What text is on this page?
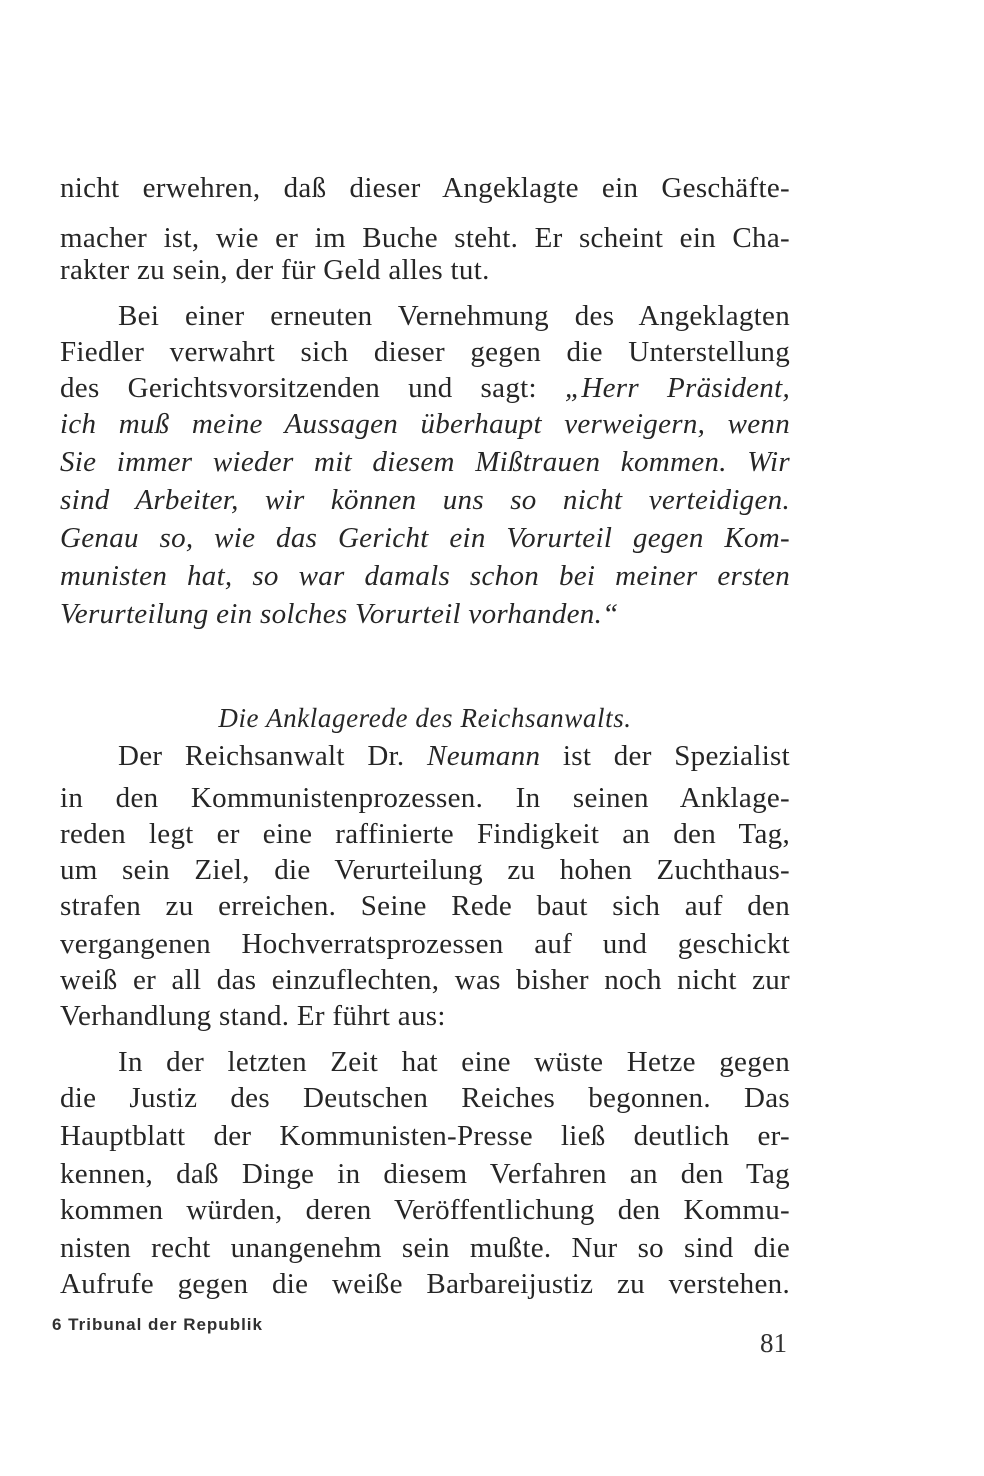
nicht erwehren, daß dieser Angeklagte ein Geschäfte-
macher ist, wie er im Buche steht. Er scheint ein Cha-
rakter zu sein, der für Geld alles tut.
Bei einer erneuten Vernehmung des Angeklagten
Fiedler verwahrt sich dieser gegen die Unterstellung
des Gerichtsvorsitzenden und sagt: „Herr Präsident,
ich muß meine Aussagen überhaupt verweigern, wenn
Sie immer wieder mit diesem Mißtrauen kommen. Wir
sind Arbeiter, wir können uns so nicht verteidigen.
Genau so, wie das Gericht ein Vorurteil gegen Kom-
munisten hat, so war damals schon bei meiner ersten
Verurteilung ein solches Vorurteil vorhanden.“
Die Anklagerede des Reichsanwalts.
Der Reichsanwalt Dr. Neumann ist der Spezialist
in den Kommunistenprozessen. In seinen Anklage-
reden legt er eine raffinierte Findigkeit an den Tag,
um sein Ziel, die Verurteilung zu hohen Zuchthaus-
strafen zu erreichen. Seine Rede baut sich auf den
vergangenen Hochverratsprozessen auf und geschickt
weiß er all das einzuflechten, was bisher noch nicht zur
Verhandlung stand. Er führt aus:
In der letzten Zeit hat eine wüste Hetze gegen
die Justiz des Deutschen Reiches begonnen. Das
Hauptblatt der Kommunisten-Presse ließ deutlich er-
kennen, daß Dinge in diesem Verfahren an den Tag
kommen würden, deren Veröffentlichung den Kommu-
nisten recht unangenehm sein mußte. Nur so sind die
Aufrufe gegen die weiße Barbareijustiz zu verstehen.
6 Tribunal der Republik
81
